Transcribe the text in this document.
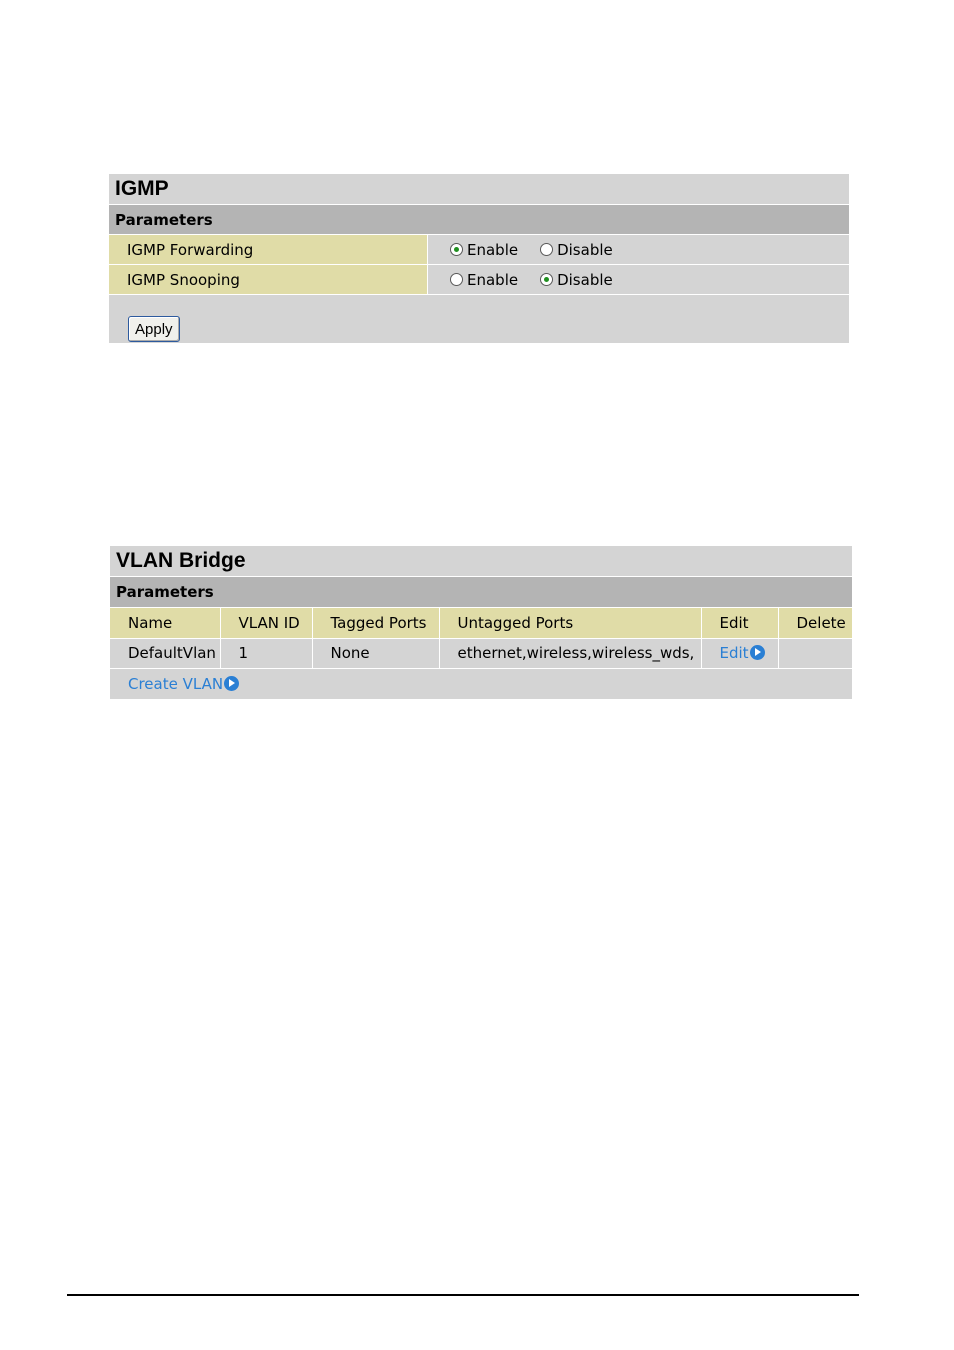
IGMP
Parameters
IGMP Forwarding	Enable	Disable
IGMP Snooping	Enable	Disable
Apply
VLAN Bridge
Parameters
Name	VLAN ID	Tagged Ports	Untagged Ports	Edit	Delete
DefaultVlan	1	None	ethernet,wireless,wireless_wds,	Edit	
Create VLAN
